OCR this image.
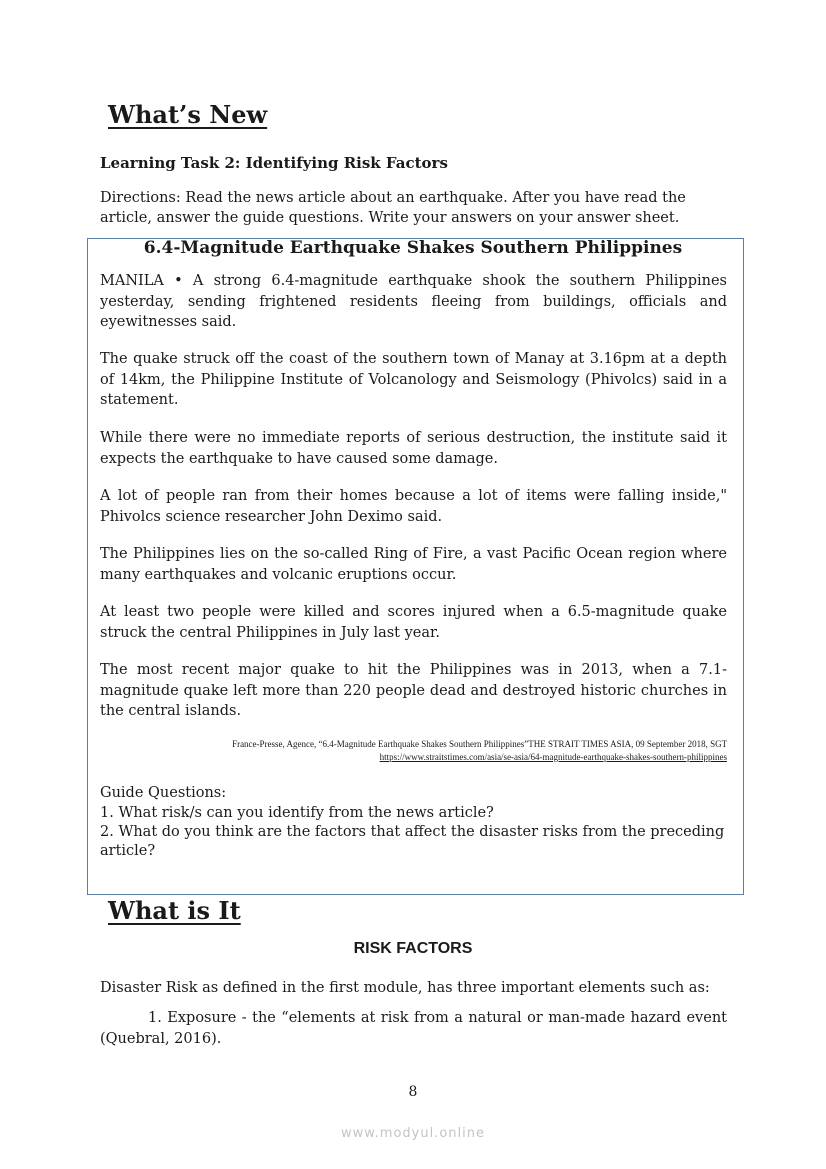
What’s New
Learning Task 2: Identifying Risk Factors

Directions: Read the news article about an earthquake. After you have read the article, answer the guide questions. Write your answers on your answer sheet.

6.4-Magnitude Earthquake Shakes Southern Philippines

MANILA • A strong 6.4-magnitude earthquake shook the southern Philippines yesterday, sending frightened residents fleeing from buildings, officials and eyewitnesses said.

The quake struck off the coast of the southern town of Manay at 3.16pm at a depth of 14km, the Philippine Institute of Volcanology and Seismology (Phivolcs) said in a statement.

While there were no immediate reports of serious destruction, the institute said it expects the earthquake to have caused some damage.

A lot of people ran from their homes because a lot of items were falling inside," Phivolcs science researcher John Deximo said.

The Philippines lies on the so-called Ring of Fire, a vast Pacific Ocean region where many earthquakes and volcanic eruptions occur.

At least two people were killed and scores injured when a 6.5-magnitude quake struck the central Philippines in July last year.

The most recent major quake to hit the Philippines was in 2013, when a 7.1-magnitude quake left more than 220 people dead and destroyed historic churches in the central islands.

France-Presse, Agence, “6.4-Magnitude Earthquake Shakes Southern Philippines”THE STRAIT TIMES ASIA, 09 September 2018, SGT https://www.straitstimes.com/asia/se-asia/64-magnitude-earthquake-shakes-southern-philippines

Guide Questions:

1. What risk/s can you identify from the news article?

2. What do you think are the factors that affect the disaster risks from the preceding article?

What is It
RISK FACTORS

Disaster Risk as defined in the first module, has three important elements such as:

1. Exposure - the “elements at risk from a natural or man-made hazard event (Quebral, 2016).

8
www.modyul.online
